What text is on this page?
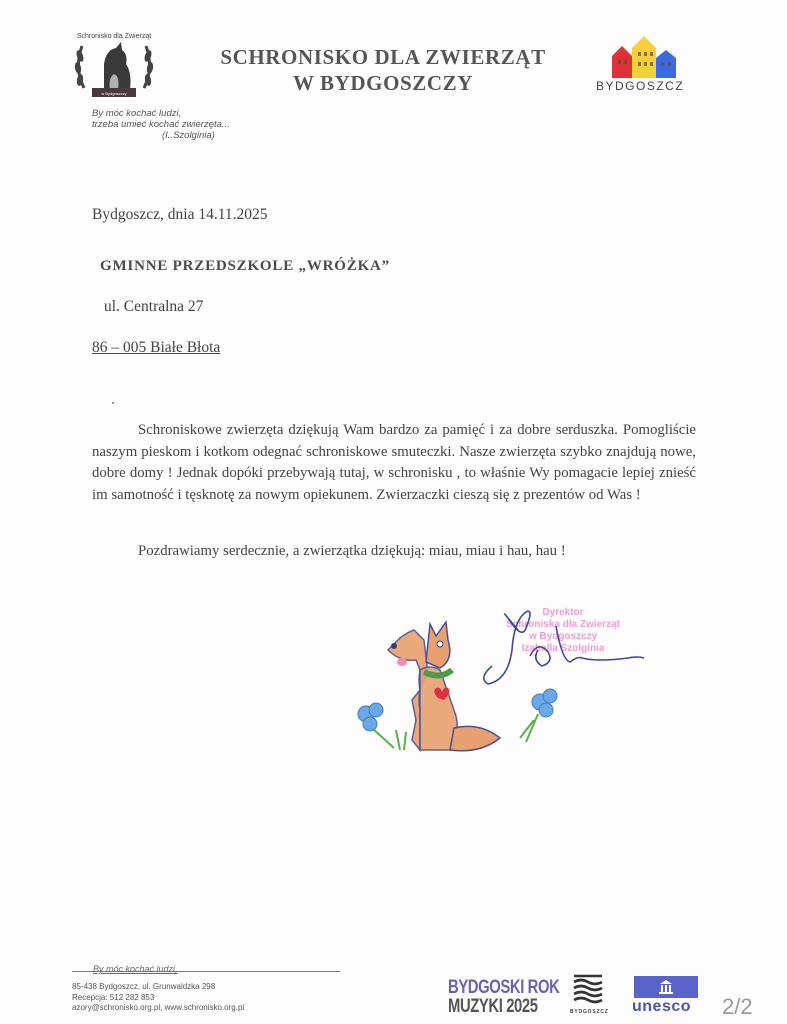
w Bydgoszczy
Schronisko dla Zwierząt
By móc kochać ludzi,
trzeba umieć kochać zwierzęta...
(I..Szolginia)
SCHRONISKO DLA ZWIERZĄT
W BYDGOSZCZY	BYDGOSZCZ
Bydgoszcz, dnia 14.11.2025
GMINNE PRZEDSZKOLE „WRÓŻKA”
ul. Centralna 27
86 – 005 Białe Błota

Schroniskowe zwierzęta dziękują Wam bardzo za pamięć i za dobre serduszka. Pomogliście naszym pieskom i kotkom odegnać schroniskowe smuteczki. Nasze zwierzęta szybko znajdują nowe, dobre domy ! Jednak dopóki przebywają tutaj, w schronisku , to właśnie Wy pomagacie lepiej znieść im samotność i tęsknotę za nowym opiekunem. Zwierzaczki cieszą się z prezentów od Was !

Pozdrawiamy serdecznie, a zwierzątka dziękują: miau, miau i hau, hau !
Dyrektor
Schroniska dla Zwierząt
w Bydgoszczy
Izabella Szolginia
By móc kochać ludzi,
85-438 Bydgoszcz, ul. Grunwaldzka 298
Recepcja: 512 282 853
azory@schronisko.org.pl, www.schronisko.org.pl
BYDGOSKI ROK
MUZYKI 2025	BYDGOSZCZ unesco 2/2
